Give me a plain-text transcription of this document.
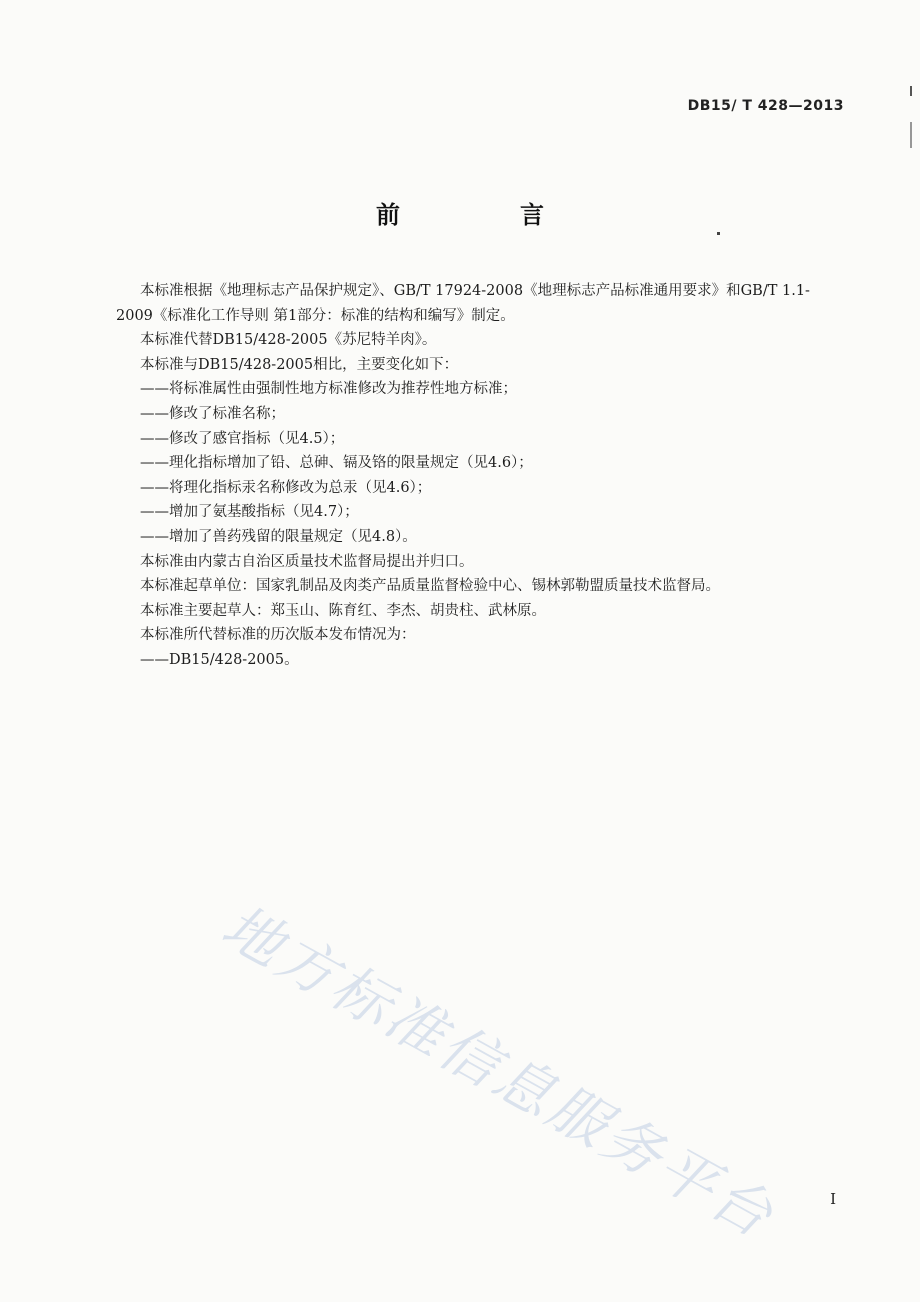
DB15/ T 428—2013
前　言

本标准根据《地理标志产品保护规定》、GB/T 17924-2008《地理标志产品标准通用要求》和GB/T 1.1-2009《标准化工作导则 第1部分：标准的结构和编写》制定。

本标准代替DB15/428-2005《苏尼特羊肉》。

本标准与DB15/428-2005相比，主要变化如下：

——将标准属性由强制性地方标准修改为推荐性地方标准；

——修改了标准名称；

——修改了感官指标（见4.5）；

——理化指标增加了铅、总砷、镉及铬的限量规定（见4.6）；

——将理化指标汞名称修改为总汞（见4.6）；

——增加了氨基酸指标（见4.7）；

——增加了兽药残留的限量规定（见4.8）。

本标准由内蒙古自治区质量技术监督局提出并归口。

本标准起草单位：国家乳制品及肉类产品质量监督检验中心、锡林郭勒盟质量技术监督局。

本标准主要起草人：郑玉山、陈育红、李杰、胡贵柱、武林原。

本标准所代替标准的历次版本发布情况为：

——DB15/428-2005。

地方标准信息服务平台	I
